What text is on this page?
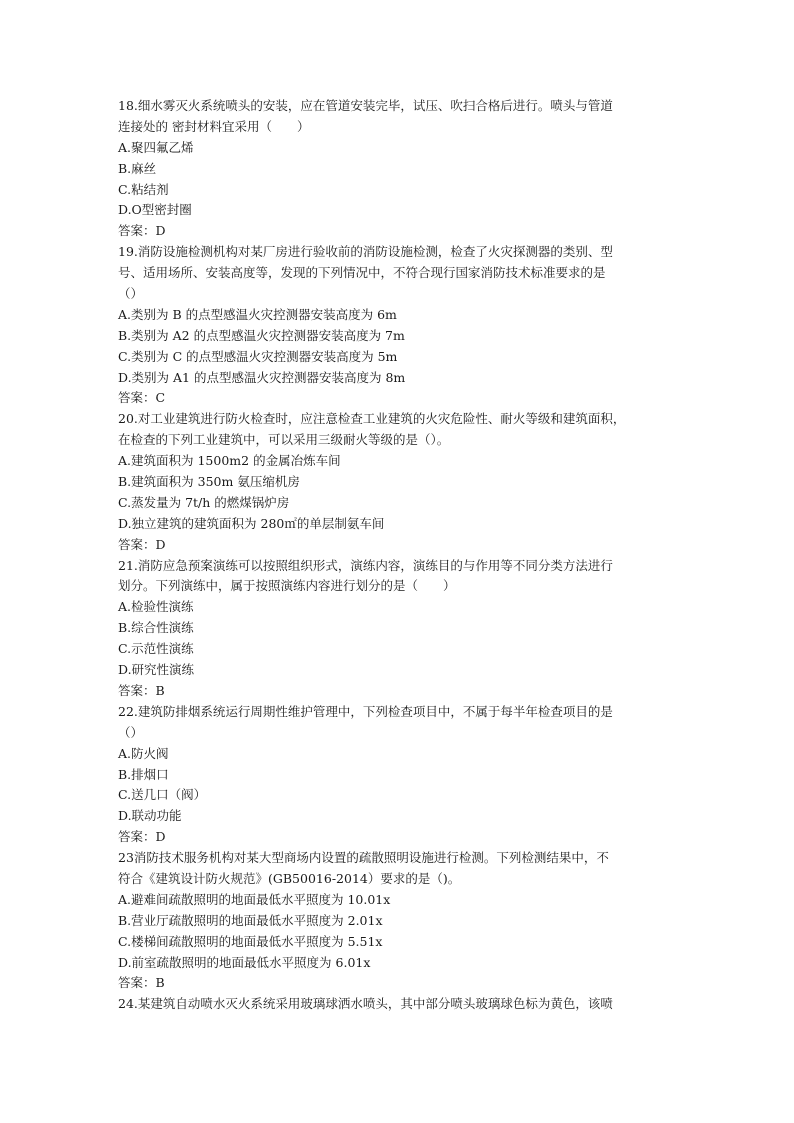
18.细水雾灭火系统喷头的安装，应在管道安装完毕，试压、吹扫合格后进行。喷头与管道
连接处的 密封材料宜采用（　　）
A.聚四氟乙烯
B.麻丝
C.粘结剂
D.O型密封圈
答案：D
19.消防设施检测机构对某厂房进行验收前的消防设施检测，检查了火灾探测器的类别、型
号、适用场所、安装高度等，发现的下列情况中，不符合现行国家消防技术标准要求的是
（）
A.类别为 B 的点型感温火灾控测器安装高度为 6m
B.类别为 A2 的点型感温火灾控测器安装高度为 7m
C.类别为 C 的点型感温火灾控测器安装高度为 5m
D.类别为 A1 的点型感温火灾控测器安装高度为 8m
答案：C
20.对工业建筑进行防火检查时，应注意检查工业建筑的火灾危险性、耐火等级和建筑面积，
在检查的下列工业建筑中，可以采用三级耐火等级的是（）。
A.建筑面积为 1500m2 的金属冶炼车间
B.建筑面积为 350m 氨压缩机房
C.蒸发量为 7t/h 的燃煤锅炉房
D.独立建筑的建筑面积为 280㎡的单层制氨车间
答案：D
21.消防应急预案演练可以按照组织形式，演练内容，演练目的与作用等不同分类方法进行
划分。下列演练中，属于按照演练内容进行划分的是（　　）
A.检验性演练
B.综合性演练
C.示范性演练
D.研究性演练
答案：B
22.建筑防排烟系统运行周期性维护管理中，下列检查项目中，不属于每半年检查项目的是
（）
A.防火阀
B.排烟口
C.送几口（阀）
D.联动功能
答案：D
23消防技术服务机构对某大型商场内设置的疏散照明设施进行检测。下列检测结果中，不
符合《建筑设计防火规范》(GB50016-2014）要求的是（)。
A.避难间疏散照明的地面最低水平照度为 10.01x
B.营业厅疏散照明的地面最低水平照度为 2.01x
C.楼梯间疏散照明的地面最低水平照度为 5.51x
D.前室疏散照明的地面最低水平照度为 6.01x
答案：B
24.某建筑自动喷水灭火系统采用玻璃球洒水喷头，其中部分喷头玻璃球色标为黄色，该喷
